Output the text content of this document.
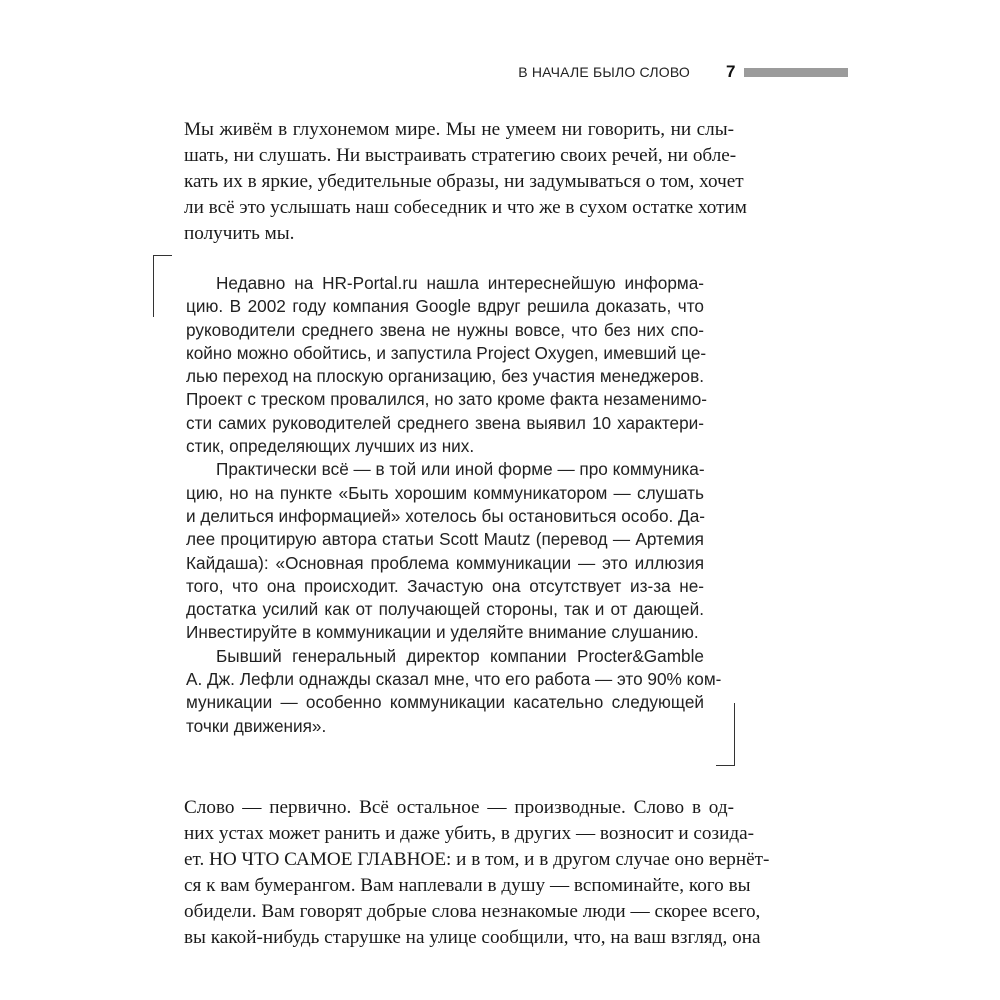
В НАЧАЛЕ БЫЛО СЛОВО 7
Мы живём в глухонемом мире. Мы не умеем ни говорить, ни слы-
шать, ни слушать. Ни выстраивать стратегию своих речей, ни обле-
кать их в яркие, убедительные образы, ни задумываться о том, хочет
ли всё это услышать наш собеседник и что же в сухом остатке хотим
получить мы.
Недавно на HR-Portal.ru нашла интереснейшую информа-
цию. В 2002 году компания Google вдруг решила доказать, что
руководители среднего звена не нужны вовсе, что без них спо-
койно можно обойтись, и запустила Project Oxygen, имевший це-
лью переход на плоскую организацию, без участия менеджеров.
Проект с треском провалился, но зато кроме факта незаменимо-
сти самих руководителей среднего звена выявил 10 характери-
стик, определяющих лучших из них.
Практически всё — в той или иной форме — про коммуника-
цию, но на пункте «Быть хорошим коммуникатором — слушать
и делиться информацией» хотелось бы остановиться особо. Да-
лее процитирую автора статьи Scott Mautz (перевод — Артемия
Кайдаша): «Основная проблема коммуникации — это иллюзия
того, что она происходит. Зачастую она отсутствует из-за не-
достатка усилий как от получающей стороны, так и от дающей.
Инвестируйте в коммуникации и уделяйте внимание слушанию.
Бывший генеральный директор компании Procter&Gamble
А. Дж. Лефли однажды сказал мне, что его работа — это 90% ком-
муникации — особенно коммуникации касательно следующей
точки движения».
Слово — первично. Всё остальное — производные. Слово в од-
них устах может ранить и даже убить, в других — возносит и созида-
ет. НО ЧТО САМОЕ ГЛАВНОЕ: и в том, и в другом случае оно вернёт-
ся к вам бумерангом. Вам наплевали в душу — вспоминайте, кого вы
обидели. Вам говорят добрые слова незнакомые люди — скорее всего,
вы какой-нибудь старушке на улице сообщили, что, на ваш взгляд, она
